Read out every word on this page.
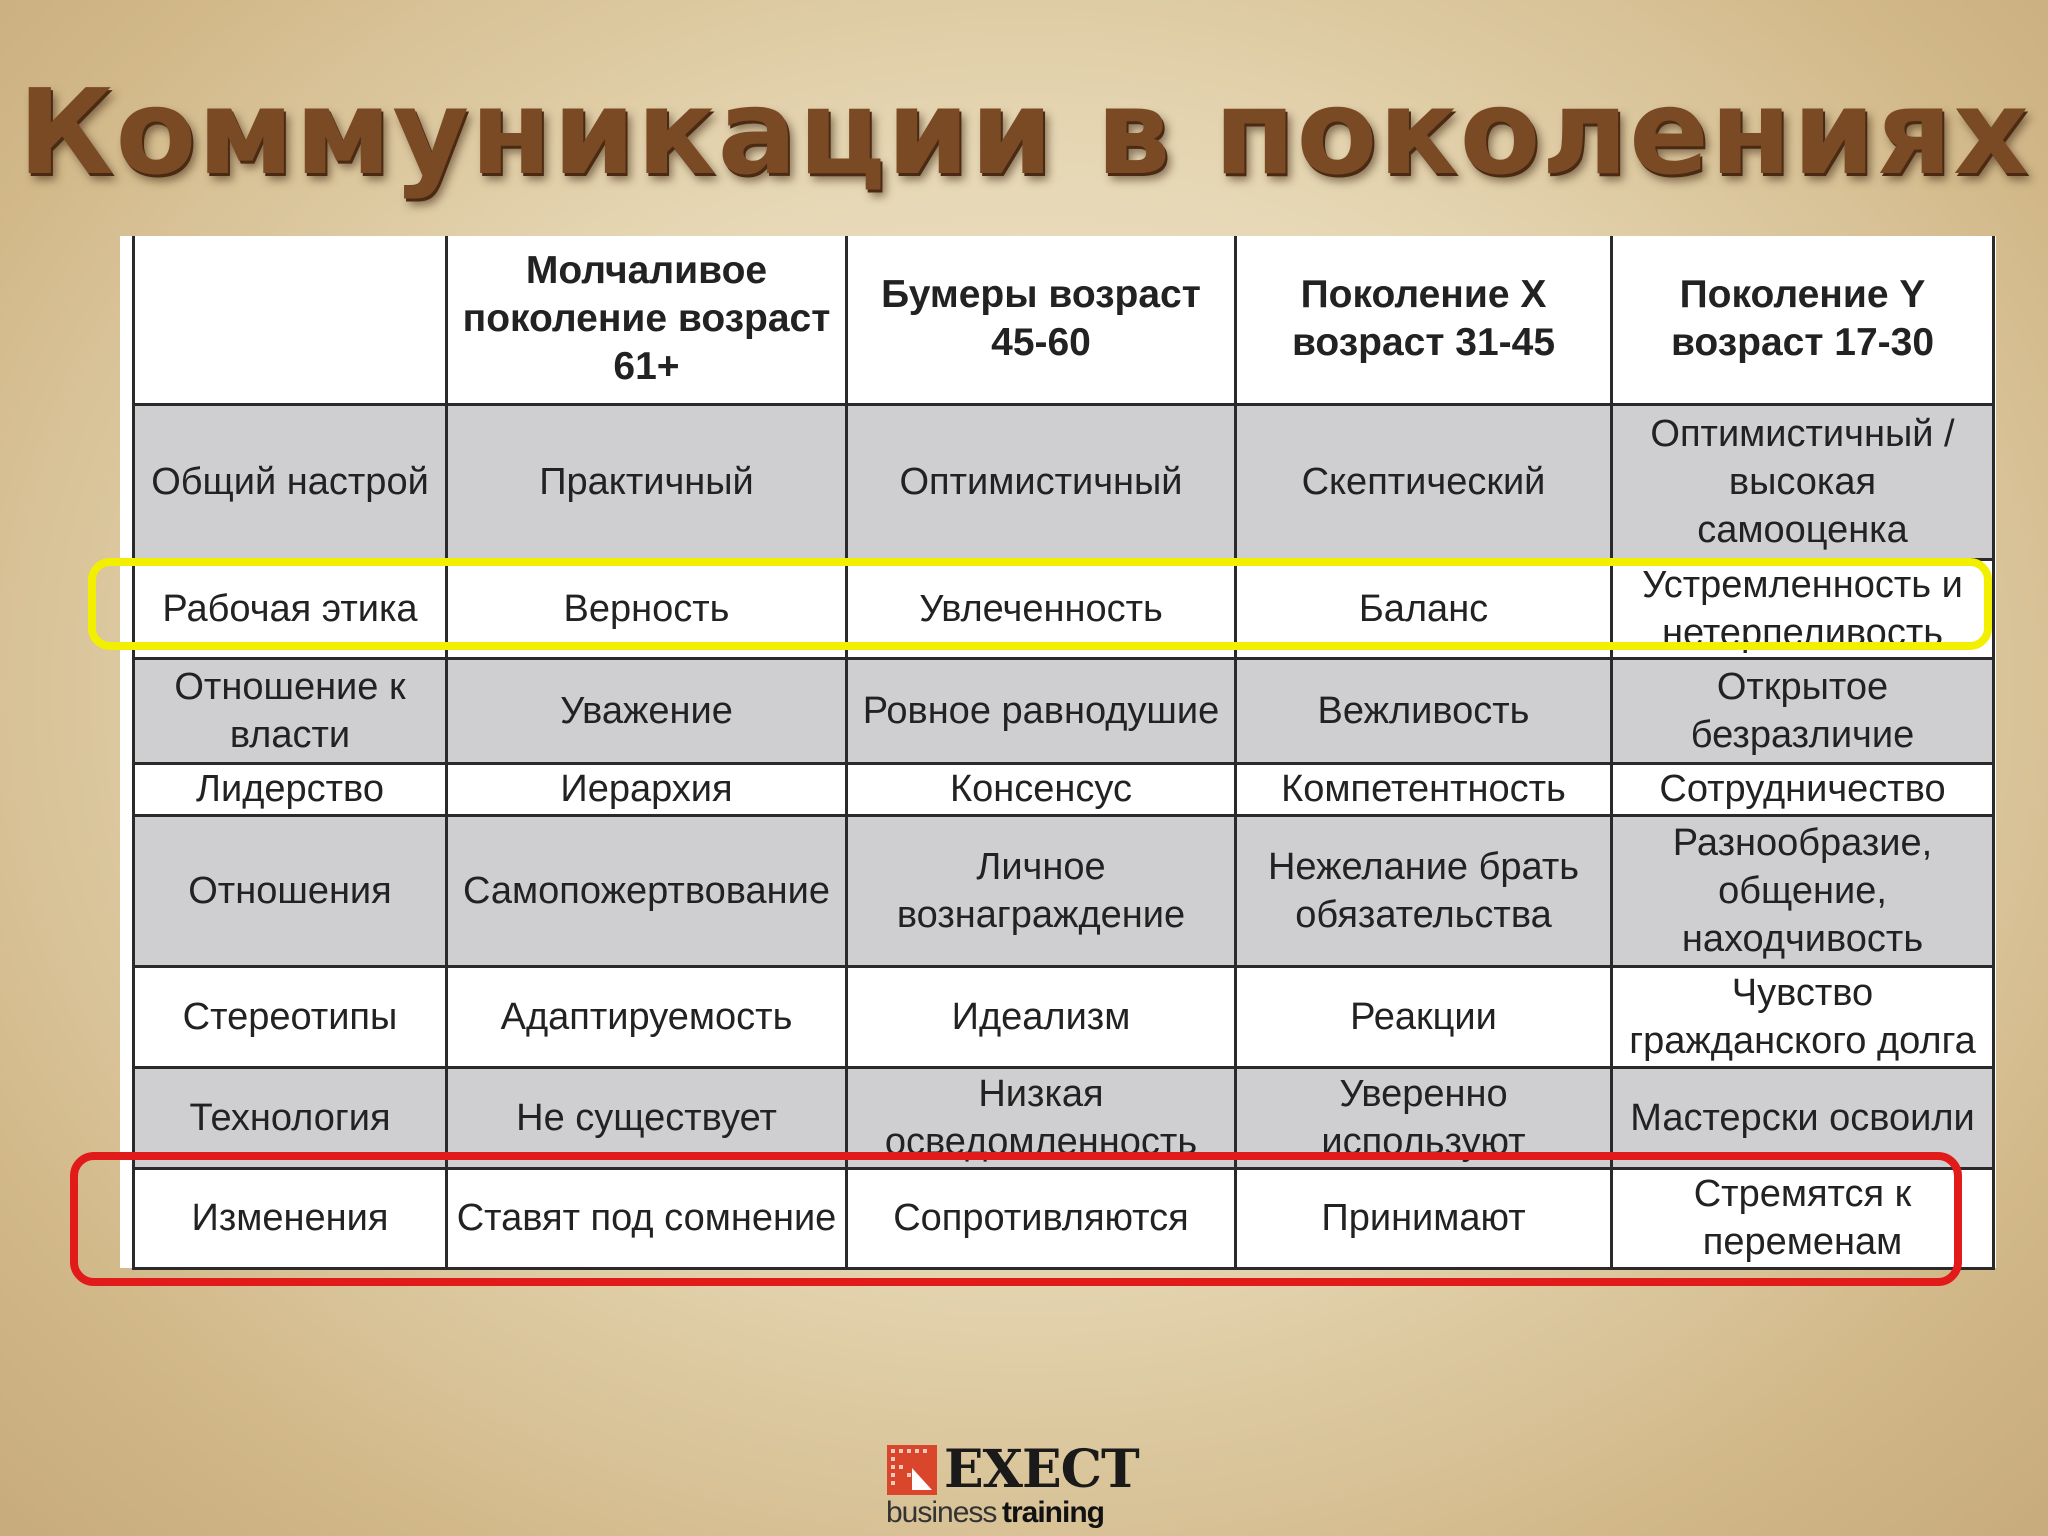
Коммуникации в поколениях
	Молчаливое поколение возраст 61+	Бумеры возраст 45-60	Поколение X возраст 31-45	Поколение Y возраст 17-30
Общий настрой	Практичный	Оптимистичный	Скептический	Оптимистичный /высокая самооценка
Рабочая этика	Верность	Увлеченность	Баланс	Устремленность и нетерпеливость
Отношение к власти	Уважение	Ровное равнодушие	Вежливость	Открытое безразличие
Лидерство	Иерархия	Консенсус	Компетентность	Сотрудничество
Отношения	Самопожертвование	Личное вознаграждение	Нежелание брать обязательства	Разнообразие, общение, находчивость
Стереотипы	Адаптируемость	Идеализм	Реакции	Чувство гражданского долга
Технология	Не существует	Низкая осведомленность	Уверенно используют	Мастерски освоили
Изменения	Ставят под сомнение	Сопротивляются	Принимают	Стремятся к переменам
EXECT
business training
